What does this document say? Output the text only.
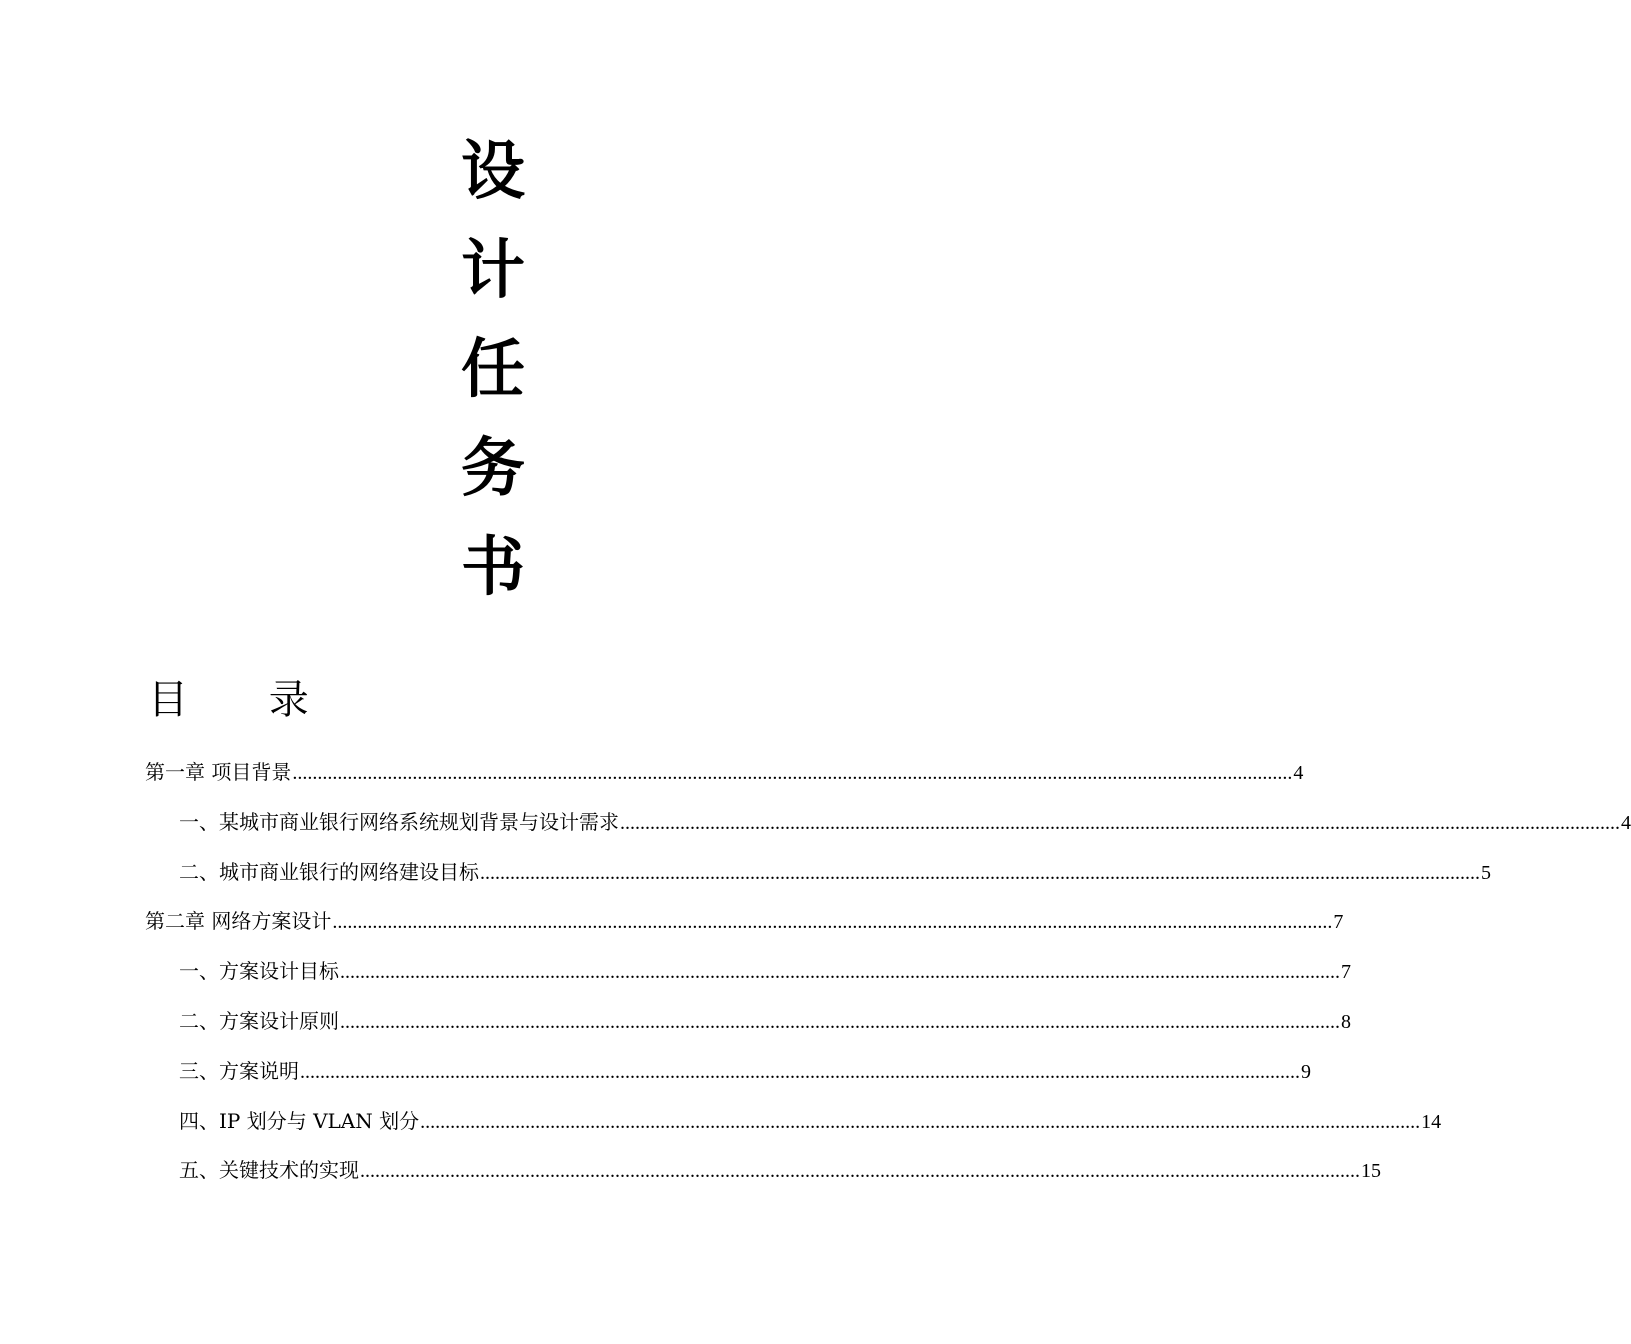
设
计
任
务
书
目 录
第一章 项目背景 ........................................................................................................................................................................................................ 4
一、某城市商业银行网络系统规划背景与设计需求 ........................................................................................................................................................................................................ 4
二、城市商业银行的网络建设目标 ........................................................................................................................................................................................................ 5
第二章 网络方案设计 ........................................................................................................................................................................................................ 7
一、方案设计目标 ........................................................................................................................................................................................................ 7
二、方案设计原则 ........................................................................................................................................................................................................ 8
三、方案说明 ........................................................................................................................................................................................................ 9
四、IP 划分与 VLAN 划分 ........................................................................................................................................................................................................ 14
五、关键技术的实现 ........................................................................................................................................................................................................ 15
